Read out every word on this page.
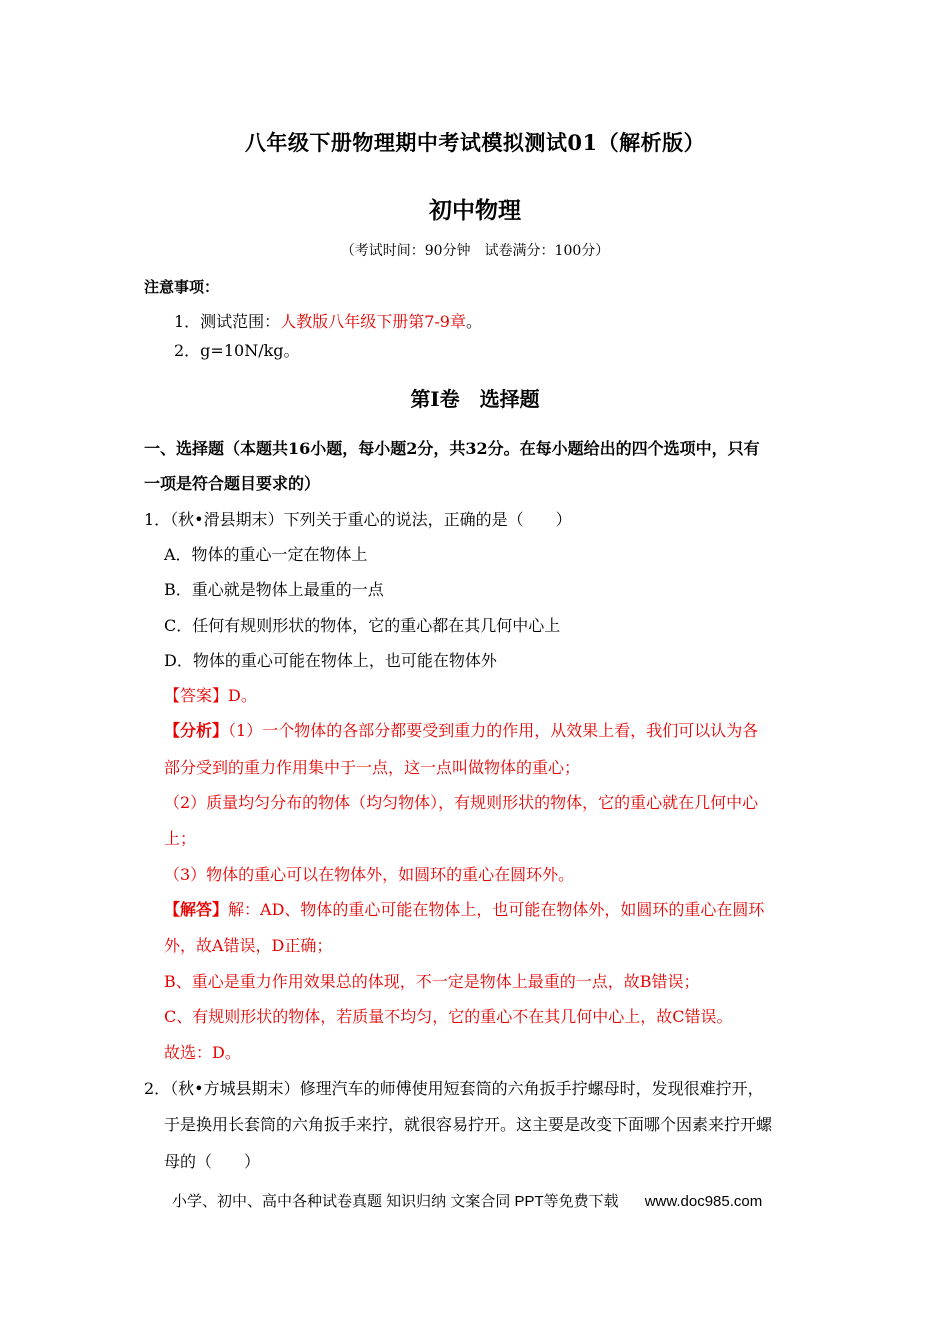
八年级下册物理期中考试模拟测试01（解析版）
初中物理
（考试时间：90分钟　试卷满分：100分）
注意事项：
1．测试范围：人教版八年级下册第7-9章。
2．g=10N/kg。
第Ⅰ卷　选择题
一、选择题（本题共16小题，每小题2分，共32分。在每小题给出的四个选项中，只有
一项是符合题目要求的）
1．（秋•滑县期末）下列关于重心的说法，正确的是（　　）
A．物体的重心一定在物体上
B．重心就是物体上最重的一点
C．任何有规则形状的物体，它的重心都在其几何中心上
D．物体的重心可能在物体上，也可能在物体外
【答案】D。
【分析】（1）一个物体的各部分都要受到重力的作用，从效果上看，我们可以认为各
部分受到的重力作用集中于一点，这一点叫做物体的重心；
（2）质量均匀分布的物体（均匀物体），有规则形状的物体，它的重心就在几何中心
上；
（3）物体的重心可以在物体外，如圆环的重心在圆环外。
【解答】解：AD、物体的重心可能在物体上，也可能在物体外，如圆环的重心在圆环
外，故A错误，D正确；
B、重心是重力作用效果总的体现，不一定是物体上最重的一点，故B错误；
C、有规则形状的物体，若质量不均匀，它的重心不在其几何中心上，故C错误。
故选：D。
2．（秋•方城县期末）修理汽车的师傅使用短套筒的六角扳手拧螺母时，发现很难拧开，
于是换用长套筒的六角扳手来拧，就很容易拧开。这主要是改变下面哪个因素来拧开螺
母的（　　）
小学、初中、高中各种试卷真题 知识归纳 文案合同 PPT等免费下载 www.doc985.com
